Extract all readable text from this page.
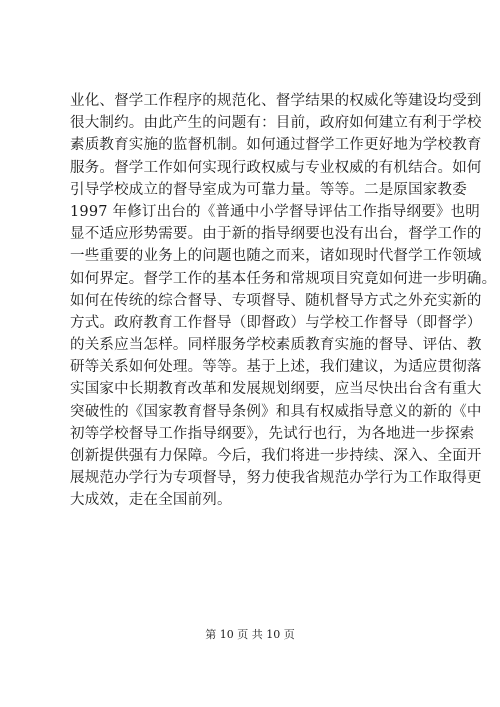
业化、督学工作程序的规范化、督学结果的权威化等建设均受到
很大制约。由此产生的问题有：目前，政府如何建立有利于学校
素质教育实施的监督机制。如何通过督学工作更好地为学校教育
服务。督学工作如何实现行政权威与专业权威的有机结合。如何
引导学校成立的督导室成为可靠力量。等等。二是原国家教委
1997 年修订出台的《普通中小学督导评估工作指导纲要》也明
显不适应形势需要。由于新的指导纲要也没有出台，督学工作的
一些重要的业务上的问题也随之而来，诸如现时代督学工作领域
如何界定。督学工作的基本任务和常规项目究竟如何进一步明确。
如何在传统的综合督导、专项督导、随机督导方式之外充实新的
方式。政府教育工作督导（即督政）与学校工作督导（即督学）
的关系应当怎样。同样服务学校素质教育实施的督导、评估、教
研等关系如何处理。等等。基于上述，我们建议，为适应贯彻落
实国家中长期教育改革和发展规划纲要，应当尽快出台含有重大
突破性的《国家教育督导条例》和具有权威指导意义的新的《中
初等学校督导工作指导纲要》，先试行也行，为各地进一步探索
创新提供强有力保障。今后，我们将进一步持续、深入、全面开
展规范办学行为专项督导，努力使我省规范办学行为工作取得更
大成效，走在全国前列。
第 10 页 共 10 页
